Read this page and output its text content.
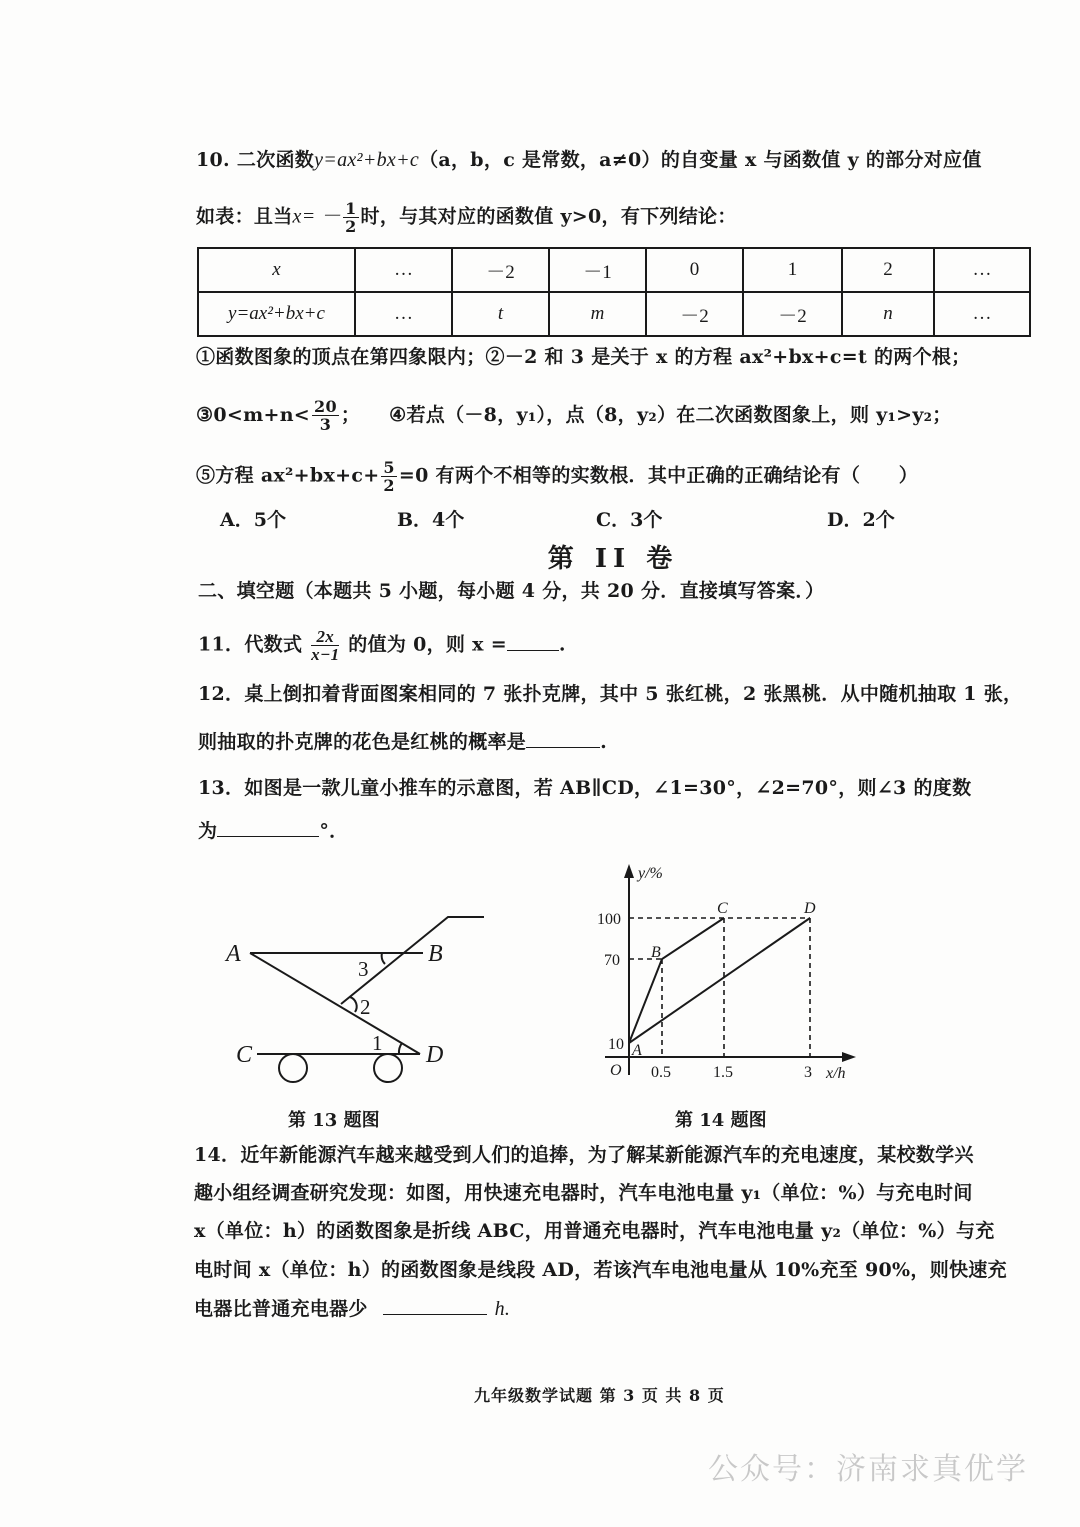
10. 二次函数y=ax²+bx+c（a，b，c 是常数，a≠0）的自变量 x 与函数值 y 的部分对应值
如表：且当$x= - \frac{1}{2}$ 时，与其对应的函数值 y>0，有下列结论：
x	…	－2	－1	0	1	2	…
y=ax²+bx+c	…	t	m	－2	－2	n	…
①函数图象的顶点在第四象限内；②－2 和 3 是关于 x 的方程 ax²+bx+c=t 的两个根；
③0<m+n< $\frac{20}{3}$ ； ④若点（－8，y₁），点（8，y₂）在二次函数图象上，则 y₁>y₂；
⑤方程 $ax^2+bx+c+ \frac{5}{2} =0$ 有两个不相等的实数根．其中正确的正确结论有（　　）
A．5个	B．4个	C．3个	D．2个
第 II 卷
二、填空题（本题共 5 小题，每小题 4 分，共 20 分．直接填写答案．）
11．代数式 $\frac{2x}{x-1}$ 的值为 0，则 x =	.
12．桌上倒扣着背面图案相同的 7 张扑克牌，其中 5 张红桃，2 张黑桃．从中随机抽取 1 张，
则抽取的扑克牌的花色是红桃的概率是	.
13．如图是一款儿童小推车的示意图，若 AB∥CD，∠1=30°，∠2=70°，则∠3 的度数
为	°．
A	B
C	D
3
2
1
第 13 题图
y/%
x/h
O
10
70
100
0.5	1.5	3
A
B
C	D
第 14 题图
14．近年新能源汽车越来越受到人们的追捧，为了解某新能源汽车的充电速度，某校数学兴
趣小组经调查研究发现：如图，用快速充电器时，汽车电池电量 y₁（单位：%）与充电时间
x（单位：h）的函数图象是折线 ABC，用普通充电器时，汽车电池电量 y₂（单位：%）与充
电时间 x（单位：h）的函数图象是线段 AD，若该汽车电池电量从 10%充至 90%，则快速充
电器比普通充电器少	h.
九年级数学试题 第 3 页 共 8 页
公众号：济南求真优学
